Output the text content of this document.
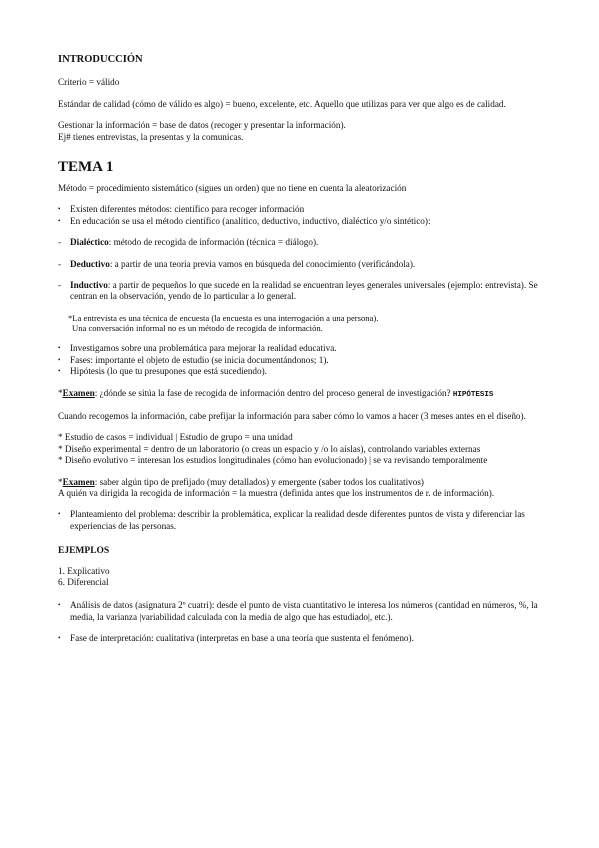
INTRODUCCIÓN

Criterio = válido

Estándar de calidad (cómo de válido es algo) = bueno, excelente, etc. Aquello que utilizas para ver que algo es de calidad.

Gestionar la información = base de datos (recoger y presentar la información).
Ej# tienes entrevistas, la presentas y la comunicas.
TEMA 1

Método = procedimiento sistemático (sigues un orden) que no tiene en cuenta la aleatorización

• Existen diferentes métodos: científico para recoger información
• En educación se usa el método científico (analítico, deductivo, inductivo, dialéctico y/o sintético):
- Dialéctico: método de recogida de información (técnica = diálogo).
- Deductivo: a partir de una teoría previa vamos en búsqueda del conocimiento (verificándola).
- Inductivo: a partir de pequeños lo que sucede en la realidad se encuentran leyes generales universales (ejemplo: entrevista). Se centran en la observación, yendo de lo particular a lo general.
*La entrevista es una técnica de encuesta (la encuesta es una interrogación a una persona).
Una conversación informal no es un método de recogida de información.
• Investigamos sobre una problemática para mejorar la realidad educativa.
• Fases: importante el objeto de estudio (se inicia documentándonos; 1).
• Hipótesis (lo que tu presupones que está sucediendo).

*Examen: ¿dónde se sitúa la fase de recogida de información dentro del proceso general de investigación? HIPÓTESIS

Cuando recogemos la información, cabe prefijar la información para saber cómo lo vamos a hacer (3 meses antes en el diseño).

* Estudio de casos = individual | Estudio de grupo = una unidad
* Diseño experimental = dentro de un laboratorio (o creas un espacio y /o lo aíslas), controlando variables externas
* Diseño evolutivo = interesan los estudios longitudinales (cómo han evolucionado) | se va revisando temporalmente
*Examen: saber algún tipo de prefijado (muy detallados) y emergente (saber todos los cualitativos)
A quién va dirigida la recogida de información = la muestra (definida antes que los instrumentos de r. de información).
• Planteamiento del problema: describir la problemática, explicar la realidad desde diferentes puntos de vista y diferenciar las experiencias de las personas.
EJEMPLOS
1. Explicativo
6. Diferencial
• Análisis de datos (asignatura 2º cuatri): desde el punto de vista cuantitativo le interesa los números (cantidad en números, %, la media, la varianza |variabilidad calculada con la media de algo que has estudiado|, etc.).
• Fase de interpretación: cualitativa (interpretas en base a una teoría que sustenta el fenómeno).
